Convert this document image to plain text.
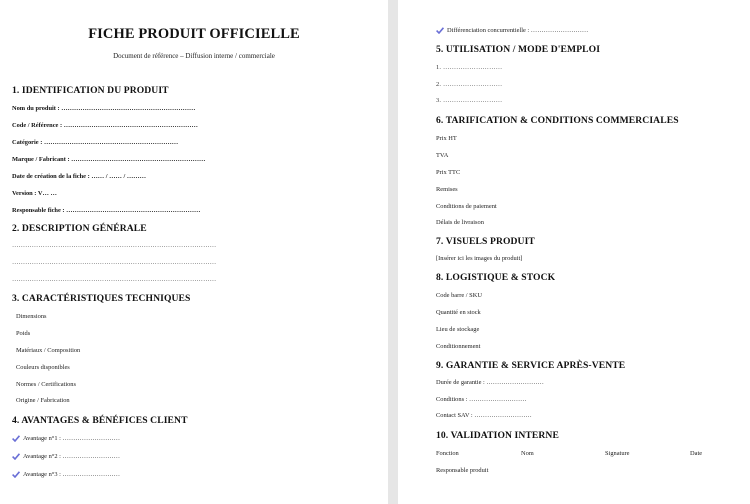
FICHE PRODUIT OFFICIELLE
Document de référence – Diffusion interne / commerciale
1. IDENTIFICATION DU PRODUIT
Nom du produit : ………………………………………………………
Code / Référence : ………………………………………………………
Catégorie : ………………………………………………………
Marque / Fabricant : ………………………………………………………
Date de création de la fiche : …… / …… / ………
Version : V… …
Responsable fiche : ………………………………………………………
2. DESCRIPTION GÉNÉRALE
…………………………………………………………………………………
…………………………………………………………………………………
…………………………………………………………………………………
3. CARACTÉRISTIQUES TECHNIQUES
Dimensions
Poids
Matériaux / Composition
Couleurs disponibles
Normes / Certifications
Origine / Fabrication
4. AVANTAGES & BÉNÉFICES CLIENT
Avantage n°1 : ………………………
Avantage n°2 : ………………………
Avantage n°3 : ………………………
Différenciation concurrentielle : ………………………
5. UTILISATION / MODE D'EMPLOI
1. ………………………
2. ………………………
3. ………………………
6. TARIFICATION & CONDITIONS COMMERCIALES
Prix HT
TVA
Prix TTC
Remises
Conditions de paiement
Délais de livraison
7. VISUELS PRODUIT
[Insérer ici les images du produit]
8. LOGISTIQUE & STOCK
Code barre / SKU
Quantité en stock
Lieu de stockage
Conditionnement
9. GARANTIE & SERVICE APRÈS-VENTE
Durée de garantie : ………………………
Conditions : ………………………
Contact SAV : ………………………
10. VALIDATION INTERNE
Fonction	Nom	Signature	Date
Responsable produit
